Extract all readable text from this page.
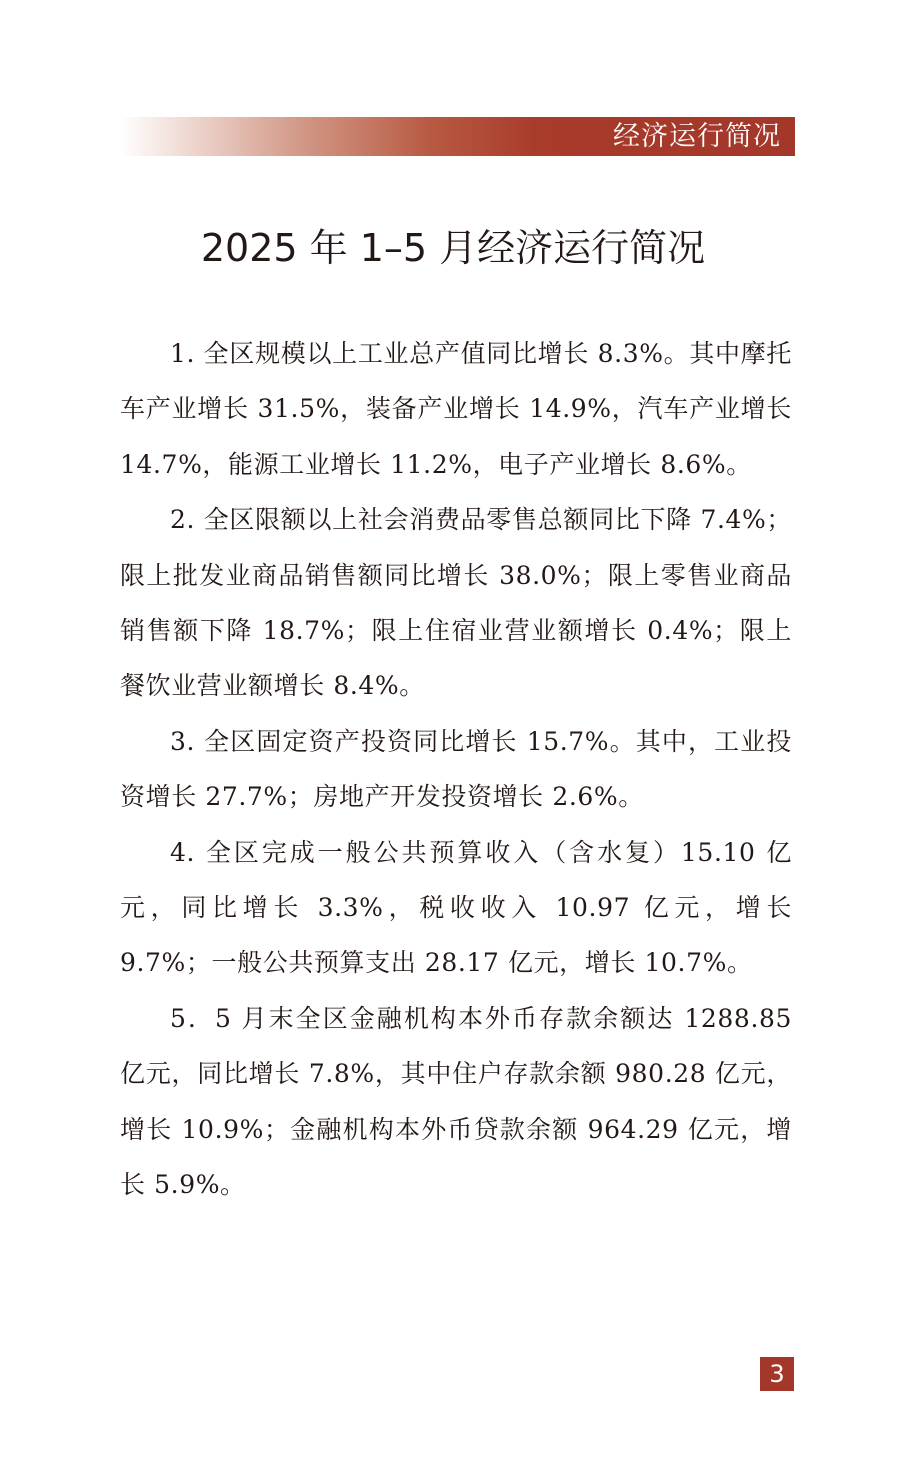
经济运行简况
2025 年 1–5 月经济运行简况

1. 全区规模以上工业总产值同比增长 8.3%。其中摩托车产业增长 31.5%，装备产业增长 14.9%，汽车产业增长 14.7%，能源工业增长 11.2%，电子产业增长 8.6%。

2. 全区限额以上社会消费品零售总额同比下降 7.4%；限上批发业商品销售额同比增长 38.0%；限上零售业商品销售额下降 18.7%；限上住宿业营业额增长 0.4%；限上餐饮业营业额增长 8.4%。

3. 全区固定资产投资同比增长 15.7%。其中，工业投资增长 27.7%；房地产开发投资增长 2.6%。

4. 全区完成一般公共预算收入（含水复）15.10 亿元，同比增长 3.3%，税收收入 10.97 亿元，增长 9.7%；一般公共预算支出 28.17 亿元，增长 10.7%。

5．5 月末全区金融机构本外币存款余额达 1288.85 亿元，同比增长 7.8%，其中住户存款余额 980.28 亿元，增长 10.9%；金融机构本外币贷款余额 964.29 亿元，增长 5.9%。

3
